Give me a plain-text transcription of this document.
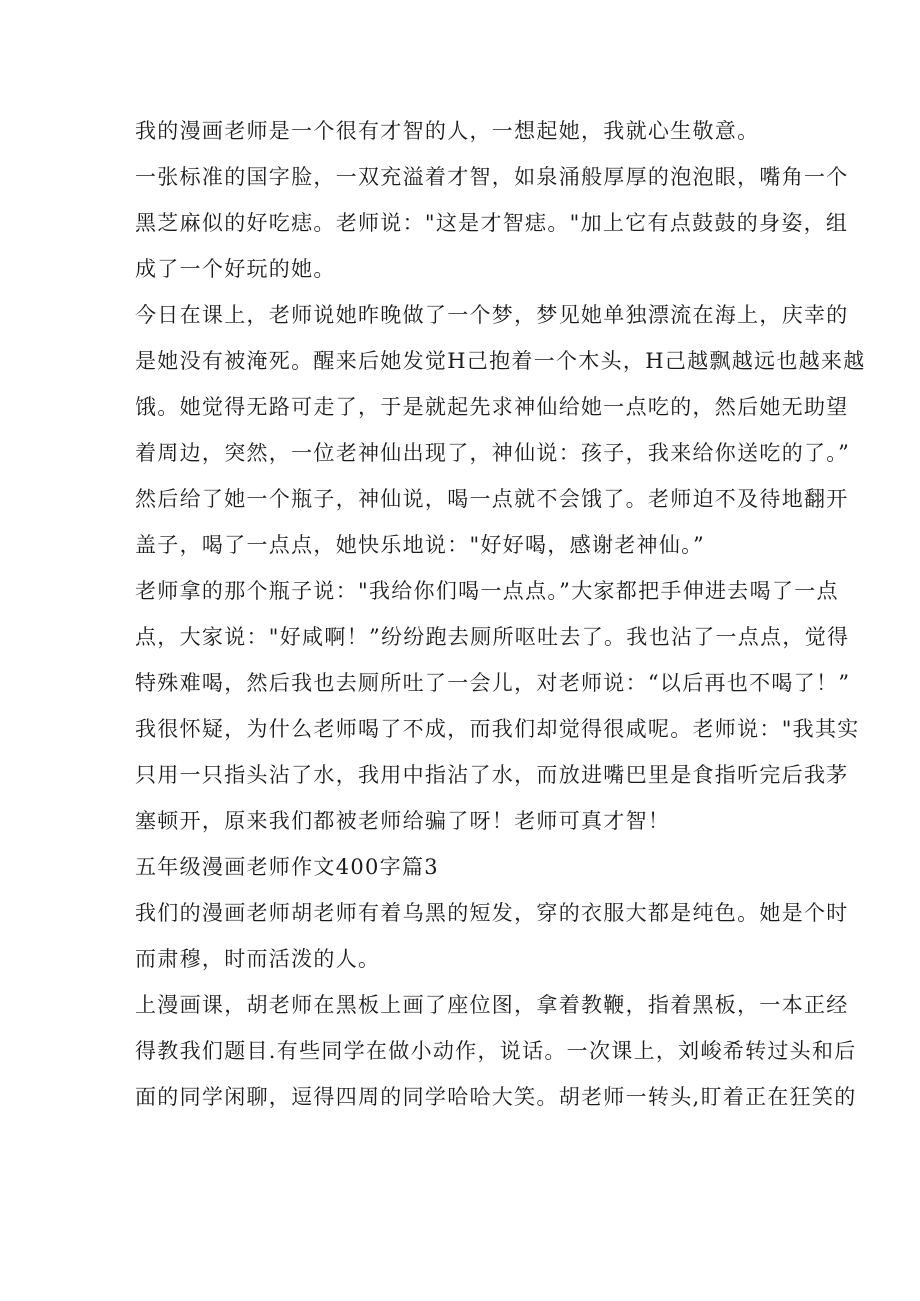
我的漫画老师是一个很有才智的人，一想起她，我就心生敬意。
一张标准的国字脸，一双充溢着才智，如泉涌般厚厚的泡泡眼，嘴角一个
黑芝麻似的好吃痣。老师说："这是才智痣。"加上它有点鼓鼓的身姿，组
成了一个好玩的她。
今日在课上，老师说她昨晚做了一个梦，梦见她单独漂流在海上，庆幸的
是她没有被淹死。醒来后她发觉H己抱着一个木头，H己越飘越远也越来越
饿。她觉得无路可走了，于是就起先求神仙给她一点吃的，然后她无助望
着周边，突然，一位老神仙出现了，神仙说：孩子，我来给你送吃的了。”
然后给了她一个瓶子，神仙说，喝一点就不会饿了。老师迫不及待地翻开
盖子，喝了一点点，她快乐地说："好好喝，感谢老神仙。”
老师拿的那个瓶子说："我给你们喝一点点。”大家都把手伸进去喝了一点
点，大家说："好咸啊！”纷纷跑去厕所呕吐去了。我也沾了一点点，觉得
特殊难喝，然后我也去厕所吐了一会儿，对老师说：“以后再也不喝了！”
我很怀疑，为什么老师喝了不成，而我们却觉得很咸呢。老师说："我其实
只用一只指头沾了水，我用中指沾了水，而放进嘴巴里是食指听完后我茅
塞顿开，原来我们都被老师给骗了呀！老师可真才智！
五年级漫画老师作文400字篇3
我们的漫画老师胡老师有着乌黑的短发，穿的衣服大都是纯色。她是个时
而肃穆，时而活泼的人。
上漫画课，胡老师在黑板上画了座位图，拿着教鞭，指着黑板，一本正经
得教我们题目.有些同学在做小动作，说话。一次课上，刘峻希转过头和后
面的同学闲聊，逗得四周的同学哈哈大笑。胡老师一转头,盯着正在狂笑的
